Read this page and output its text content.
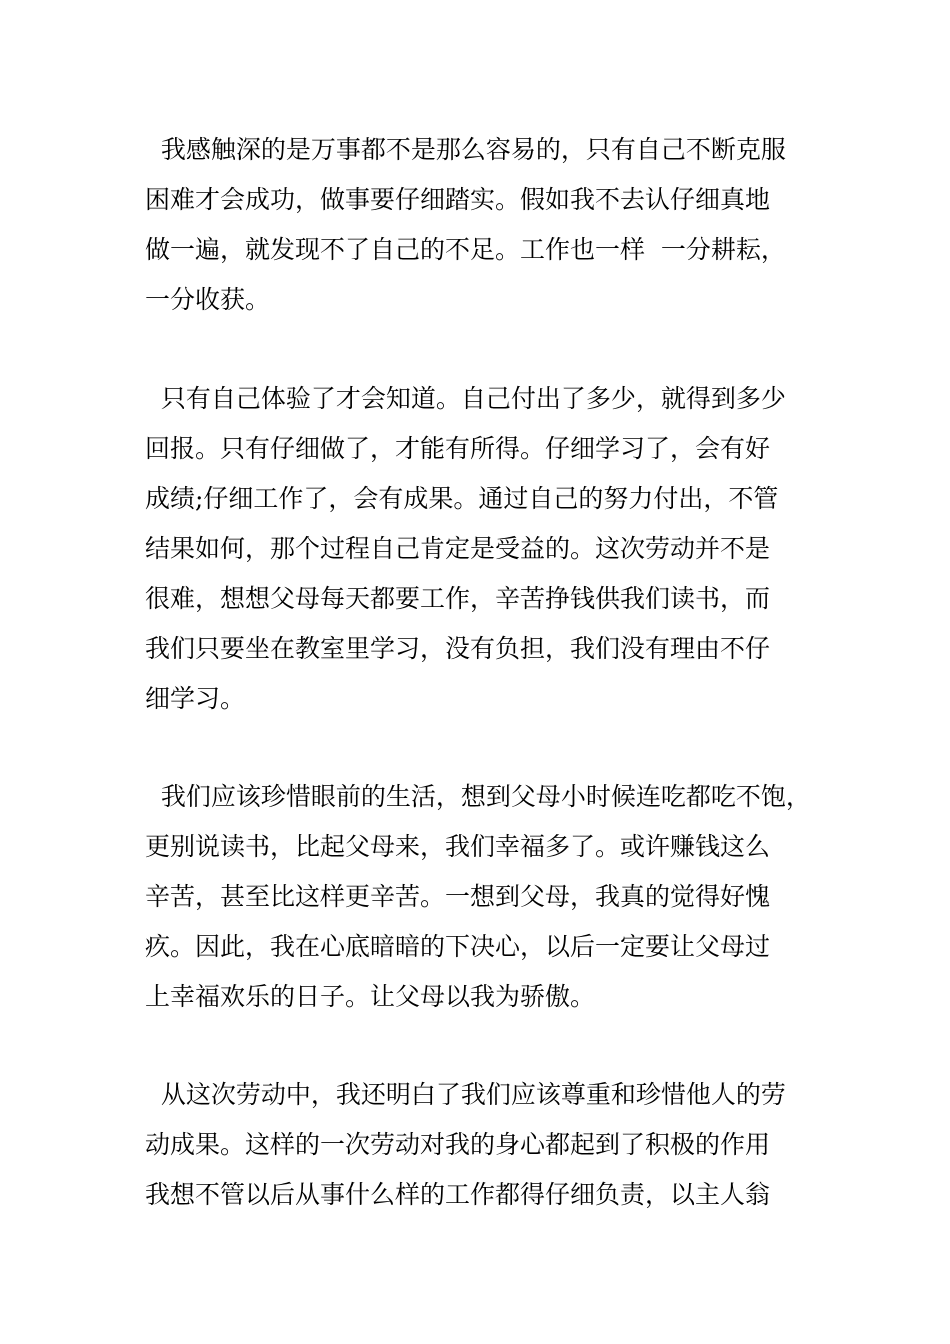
我感触深的是万事都不是那么容易的，只有自己不断克服
困难才会成功，做事要仔细踏实。假如我不去认仔细真地
做一遍，就发现不了自己的不足。工作也一样  一分耕耘，
一分收获。
只有自己体验了才会知道。自己付出了多少，就得到多少
回报。只有仔细做了，才能有所得。仔细学习了，会有好
成绩;仔细工作了，会有成果。通过自己的努力付出，不管
结果如何，那个过程自己肯定是受益的。这次劳动并不是
很难，想想父母每天都要工作，辛苦挣钱供我们读书，而
我们只要坐在教室里学习，没有负担，我们没有理由不仔
细学习。
我们应该珍惜眼前的生活，想到父母小时候连吃都吃不饱，
更别说读书，比起父母来，我们幸福多了。或许赚钱这么
辛苦，甚至比这样更辛苦。一想到父母，我真的觉得好愧
疚。因此，我在心底暗暗的下决心，以后一定要让父母过
上幸福欢乐的日子。让父母以我为骄傲。
从这次劳动中，我还明白了我们应该尊重和珍惜他人的劳
动成果。这样的一次劳动对我的身心都起到了积极的作用
我想不管以后从事什么样的工作都得仔细负责，以主人翁
